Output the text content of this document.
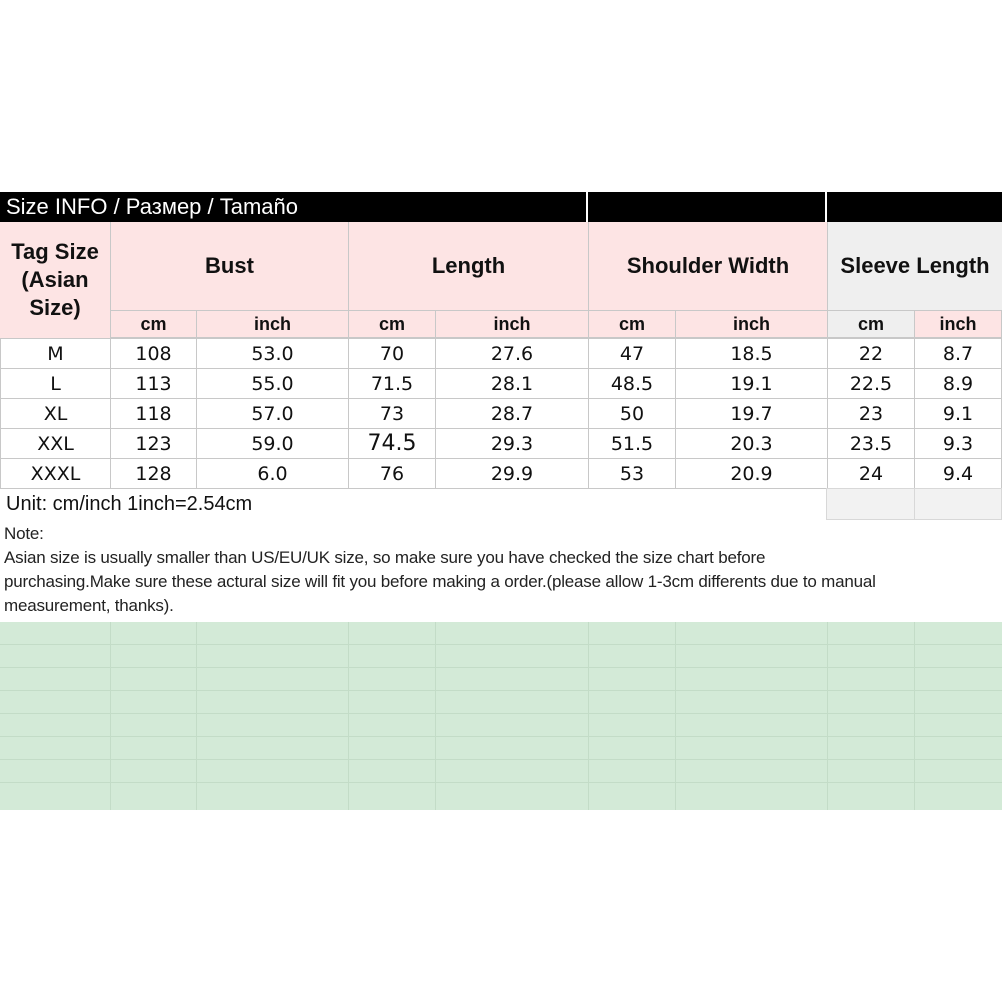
Size INFO / Размер / Tamaño
Tag Size (Asian Size)
Bust	Length	Shoulder Width	Sleeve Length
cm	inch	cm	inch	cm	inch	cm	inch
M	108	53.0	70	27.6	47	18.5	22	8.7
L	113	55.0	71.5	28.1	48.5	19.1	22.5	8.9
XL	118	57.0	73	28.7	50	19.7	23	9.1
XXL	123	59.0	74.5	29.3	51.5	20.3	23.5	9.3
XXXL	128	6.0	76	29.9	53	20.9	24	9.4
Unit: cm/inch 1inch=2.54cm

Note:

Asian size is usually smaller than US/EU/UK size, so make sure you have checked the size chart before

purchasing.Make sure these actural size will fit you before making a order.(please allow 1-3cm differents due to manual

measurement, thanks).
